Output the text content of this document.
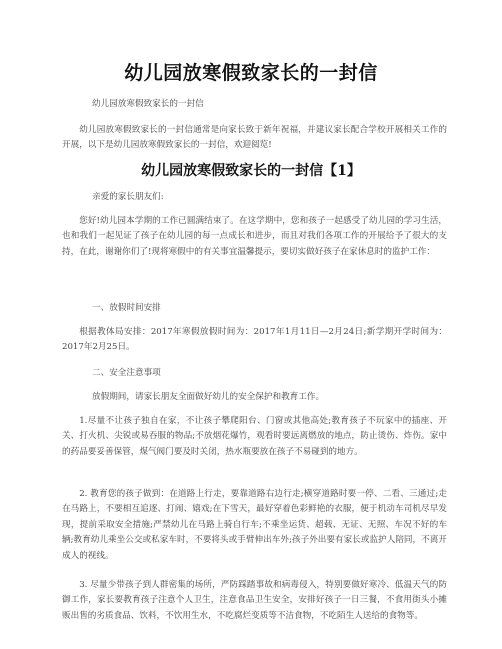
幼儿园放寒假致家长的一封信

幼儿园放寒假致家长的一封信

幼儿园放寒假致家长的一封信通常是向家长致于新年祝福，并建议家长配合学校开展相关工作的开展，以下是幼儿园放寒假致家长的一封信，欢迎阅览!

幼儿园放寒假致家长的一封信【1】

亲爱的家长朋友们:

您好!幼儿园本学期的工作已圆满结束了。在这学期中，您和孩子一起感受了幼儿园的学习生活，也和我们一起见证了孩子在幼儿园的每一点成长和进步，而且对我们各项工作的开展给予了很大的支持，在此，谢谢你们了!现将寒假中的有关事宜温馨提示，要切实做好孩子在家休息时的监护工作：

一、放假时间安排

根据教体局安排：2017年寒假放假时间为：2017年1月11日—2月24日;新学期开学时间为：2017年2月25日。

二、安全注意事项

放假期间，请家长朋友全面做好幼儿的安全保护和教育工作。

1.尽量不让孩子独自在家，不让孩子攀爬阳台、门窗或其他高处;教育孩子不玩家中的插座、开关、打火机、尖锐或易吞服的物品;不放烟花爆竹，观看时要远离燃放的地点，防止烫伤、炸伤。家中的药品要妥善保管，煤气阀门要及时关闭，热水瓶要放在孩子不易碰到的地方。

2. 教育您的孩子做到：在道路上行走，要靠道路右边行走;横穿道路时要一停、二看、三通过;走在马路上，不要相互追逐、打闹、嬉戏;在下雪天，最好穿着色彩鲜艳的衣服，便于机动车司机尽早发现，提前采取安全措施;严禁幼儿在马路上骑自行车;不乘坐运货、超载、无证、无照、车况不好的车辆;教育幼儿乘坐公交或私家车时，不要将头或手臂伸出车外;孩子外出要有家长或监护人陪同，不离开成人的视线。

3. 尽量少带孩子到人群密集的场所，严防踩踏事故和病毒侵入，特别要做好寒冷、低温天气的防御工作，家长要教育孩子注意个人卫生，注意食品卫生安全，安排好孩子一日三餐，不食用街头小摊贩出售的劣质食品、饮料，不饮用生水，不吃腐烂变质等不洁食物，不吃陌生人送给的食物等。
